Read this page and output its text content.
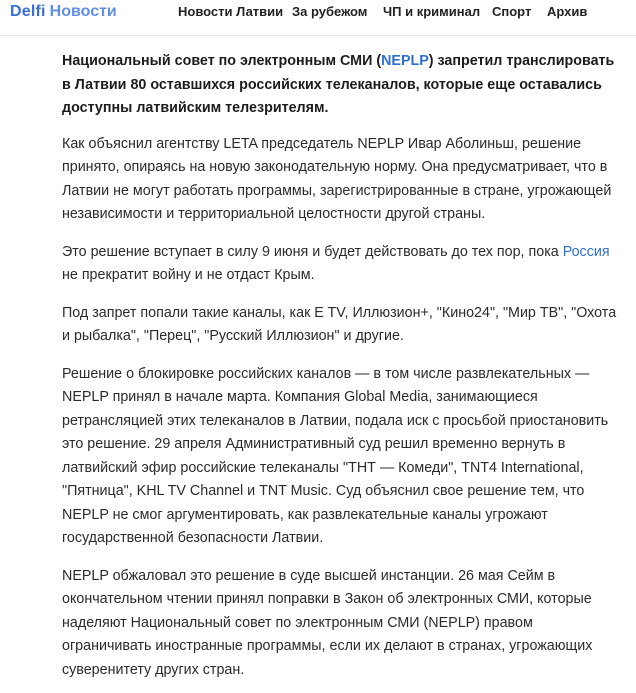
Delfi Новости	Новости Латвии За рубежом ЧП и криминал Спорт Архив

Национальный совет по электронным СМИ (NEPLP) запретил транслировать в Латвии 80 оставшихся российских телеканалов, которые еще оставались доступны латвийским телезрителям.

Как объяснил агентству LETA председатель NEPLP Ивар Аболиньш, решение принято, опираясь на новую законодательную норму. Она предусматривает, что в Латвии не могут работать программы, зарегистрированные в стране, угрожающей независимости и территориальной целостности другой страны.

Это решение вступает в силу 9 июня и будет действовать до тех пор, пока Россия не прекратит войну и не отдаст Крым.

Под запрет попали такие каналы, как E TV, Иллюзион+, "Кино24", "Мир ТВ", "Охота и рыбалка", "Перец", "Русский Иллюзион" и другие.

Решение о блокировке российских каналов — в том числе развлекательных — NEPLP принял в начале марта. Компания Global Media, занимающиеся ретрансляцией этих телеканалов в Латвии, подала иск с просьбой приостановить это решение. 29 апреля Административный суд решил временно вернуть в латвийский эфир российские телеканалы "ТНТ — Комеди", TNT4 International, "Пятница", KHL TV Channel и TNT Music. Суд объяснил свое решение тем, что NEPLP не смог аргументировать, как развлекательные каналы угрожают государственной безопасности Латвии.

NEPLP обжаловал это решение в суде высшей инстанции. 26 мая Сейм в окончательном чтении принял поправки в Закон об электронных СМИ, которые наделяют Национальный совет по электронным СМИ (NEPLP) правом ограничивать иностранные программы, если их делают в странах, угрожающих суверенитету других стран.
